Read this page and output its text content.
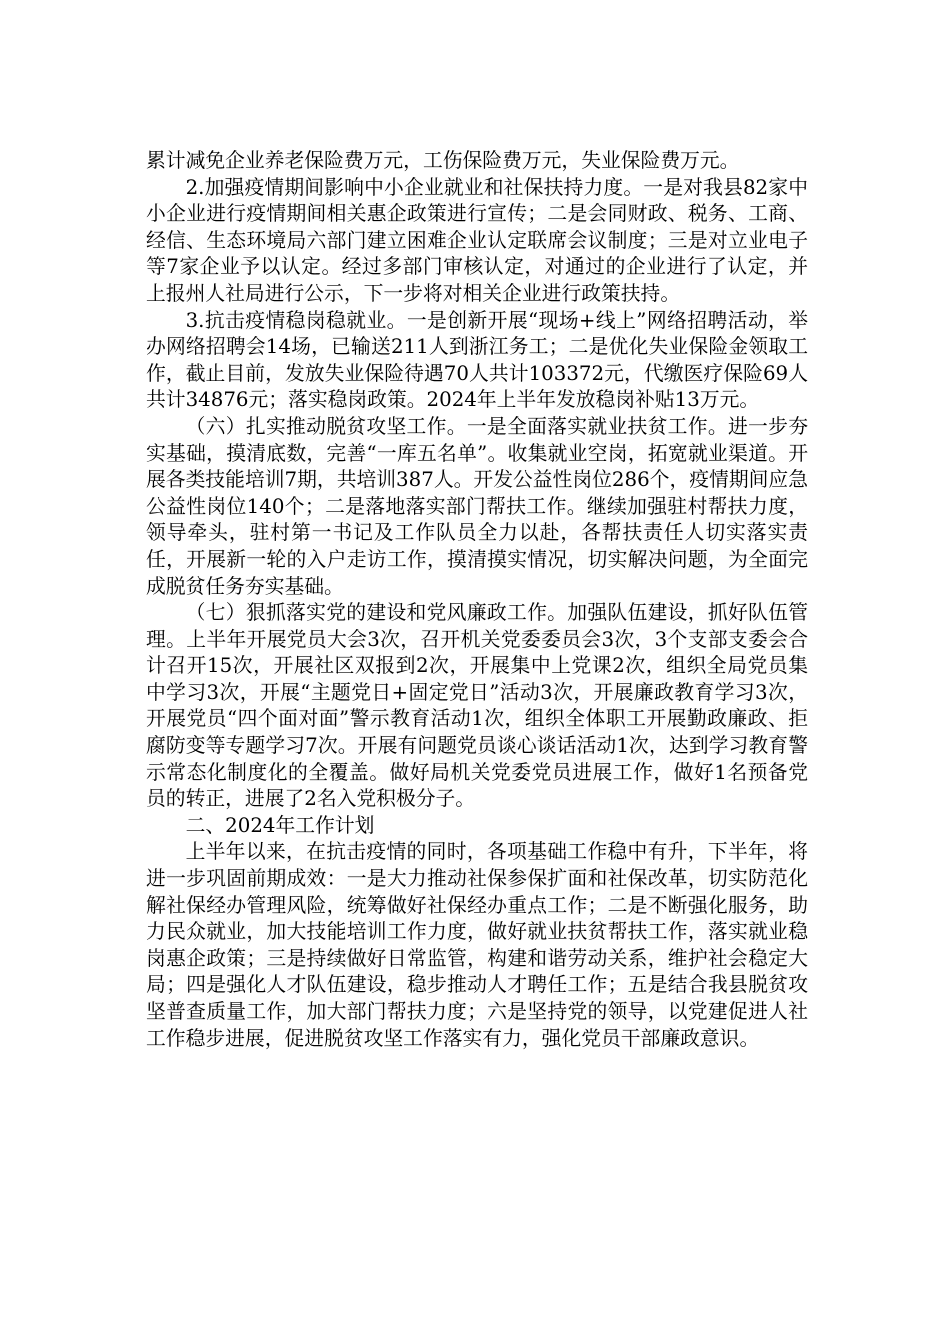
累计减免企业养老保险费万元，工伤保险费万元，失业保险费万元。

2.加强疫情期间影响中小企业就业和社保扶持力度。一是对我县82家中小企业进行疫情期间相关惠企政策进行宣传；二是会同财政、税务、工商、经信、生态环境局六部门建立困难企业认定联席会议制度；三是对立业电子等7家企业予以认定。经过多部门审核认定，对通过的企业进行了认定，并上报州人社局进行公示，下一步将对相关企业进行政策扶持。

3.抗击疫情稳岗稳就业。一是创新开展“现场+线上”网络招聘活动，举办网络招聘会14场，已输送211人到浙江务工；二是优化失业保险金领取工作，截止目前，发放失业保险待遇70人共计103372元，代缴医疗保险69人共计34876元；落实稳岗政策。2024年上半年发放稳岗补贴13万元。

（六）扎实推动脱贫攻坚工作。一是全面落实就业扶贫工作。进一步夯实基础，摸清底数，完善“一库五名单”。收集就业空岗，拓宽就业渠道。开展各类技能培训7期，共培训387人。开发公益性岗位286个，疫情期间应急公益性岗位140个；二是落地落实部门帮扶工作。继续加强驻村帮扶力度，领导牵头，驻村第一书记及工作队员全力以赴，各帮扶责任人切实落实责任，开展新一轮的入户走访工作，摸清摸实情况，切实解决问题，为全面完成脱贫任务夯实基础。

（七）狠抓落实党的建设和党风廉政工作。加强队伍建设，抓好队伍管理。上半年开展党员大会3次，召开机关党委委员会3次，3个支部支委会合计召开15次，开展社区双报到2次，开展集中上党课2次，组织全局党员集中学习3次，开展“主题党日+固定党日”活动3次，开展廉政教育学习3次，开展党员“四个面对面”警示教育活动1次，组织全体职工开展勤政廉政、拒腐防变等专题学习7次。开展有问题党员谈心谈话活动1次，达到学习教育警示常态化制度化的全覆盖。做好局机关党委党员进展工作，做好1名预备党员的转正，进展了2名入党积极分子。

二、2024年工作计划

上半年以来，在抗击疫情的同时，各项基础工作稳中有升，下半年，将进一步巩固前期成效：一是大力推动社保参保扩面和社保改革，切实防范化解社保经办管理风险，统筹做好社保经办重点工作；二是不断强化服务，助力民众就业，加大技能培训工作力度，做好就业扶贫帮扶工作，落实就业稳岗惠企政策；三是持续做好日常监管，构建和谐劳动关系，维护社会稳定大局；四是强化人才队伍建设，稳步推动人才聘任工作；五是结合我县脱贫攻坚普查质量工作，加大部门帮扶力度；六是坚持党的领导，以党建促进人社工作稳步进展，促进脱贫攻坚工作落实有力，强化党员干部廉政意识。
